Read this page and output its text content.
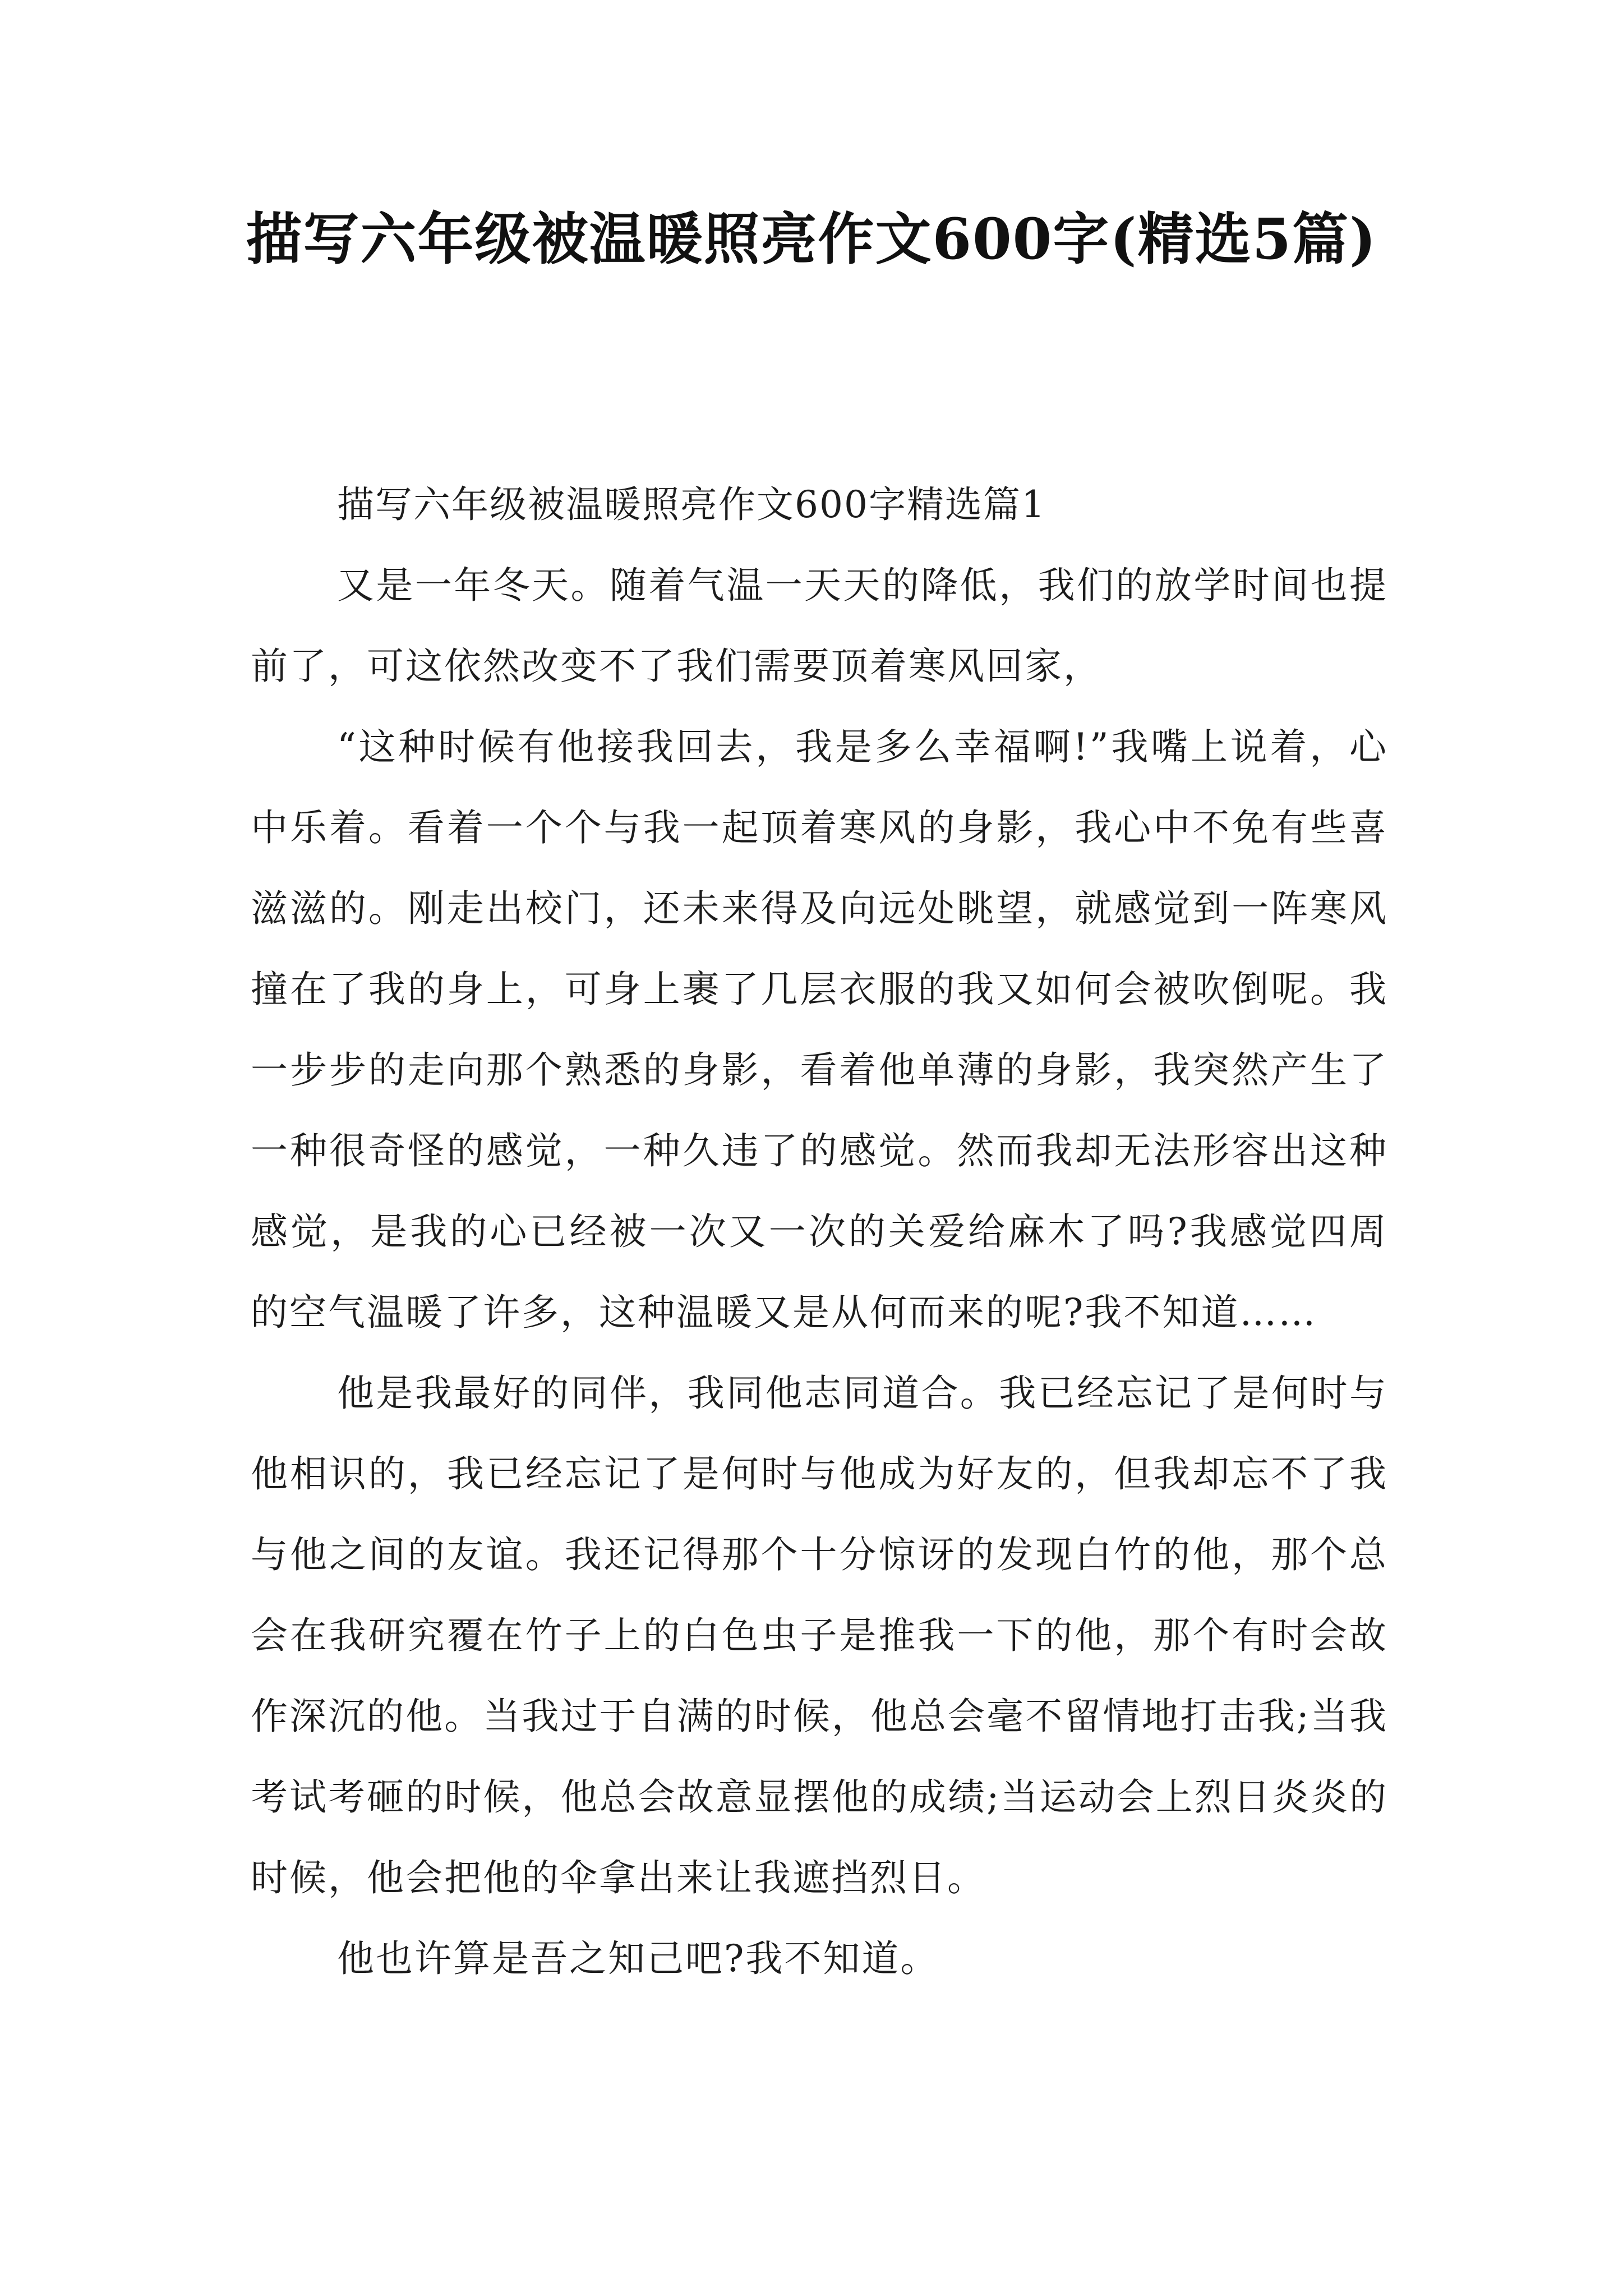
描写六年级被温暖照亮作文600字(精选5篇)

描写六年级被温暖照亮作文600字精选篇1

又是一年冬天。随着气温一天天的降低，我们的放学时间也提前了，可这依然改变不了我们需要顶着寒风回家，

“这种时候有他接我回去，我是多么幸福啊!”我嘴上说着，心中乐着。看着一个个与我一起顶着寒风的身影，我心中不免有些喜滋滋的。刚走出校门，还未来得及向远处眺望，就感觉到一阵寒风撞在了我的身上，可身上裹了几层衣服的我又如何会被吹倒呢。我一步步的走向那个熟悉的身影，看着他单薄的身影，我突然产生了一种很奇怪的感觉，一种久违了的感觉。然而我却无法形容出这种感觉，是我的心已经被一次又一次的关爱给麻木了吗?我感觉四周的空气温暖了许多，这种温暖又是从何而来的呢?我不知道……

他是我最好的同伴，我同他志同道合。我已经忘记了是何时与他相识的，我已经忘记了是何时与他成为好友的，但我却忘不了我与他之间的友谊。我还记得那个十分惊讶的发现白竹的他，那个总会在我研究覆在竹子上的白色虫子是推我一下的他，那个有时会故作深沉的他。当我过于自满的时候，他总会毫不留情地打击我;当我考试考砸的时候，他总会故意显摆他的成绩;当运动会上烈日炎炎的时候，他会把他的伞拿出来让我遮挡烈日。

他也许算是吾之知己吧?我不知道。
